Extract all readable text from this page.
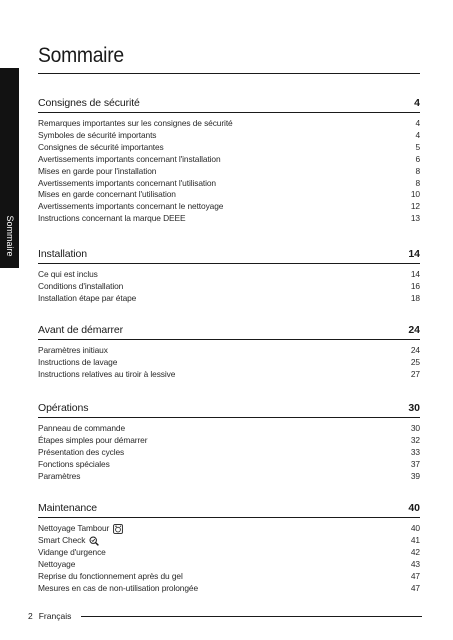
Sommaire
Sommaire
Consignes de sécurité	4
Remarques importantes sur les consignes de sécurité	4
Symboles de sécurité importants	4
Consignes de sécurité importantes	5
Avertissements importants concernant l'installation	6
Mises en garde pour l'installation	8
Avertissements importants concernant l'utilisation	8
Mises en garde concernant l'utilisation	10
Avertissements importants concernant le nettoyage	12
Instructions concernant la marque DEEE	13
Installation	14
Ce qui est inclus	14
Conditions d'installation	16
Installation étape par étape	18
Avant de démarrer	24
Paramètres initiaux	24
Instructions de lavage	25
Instructions relatives au tiroir à lessive	27
Opérations	30
Panneau de commande	30
Étapes simples pour démarrer	32
Présentation des cycles	33
Fonctions spéciales	37
Paramètres	39
Maintenance	40
Nettoyage Tambour	40
Smart Check	41
Vidange d'urgence	42
Nettoyage	43
Reprise du fonctionnement après du gel	47
Mesures en cas de non-utilisation prolongée	47
2 Français
